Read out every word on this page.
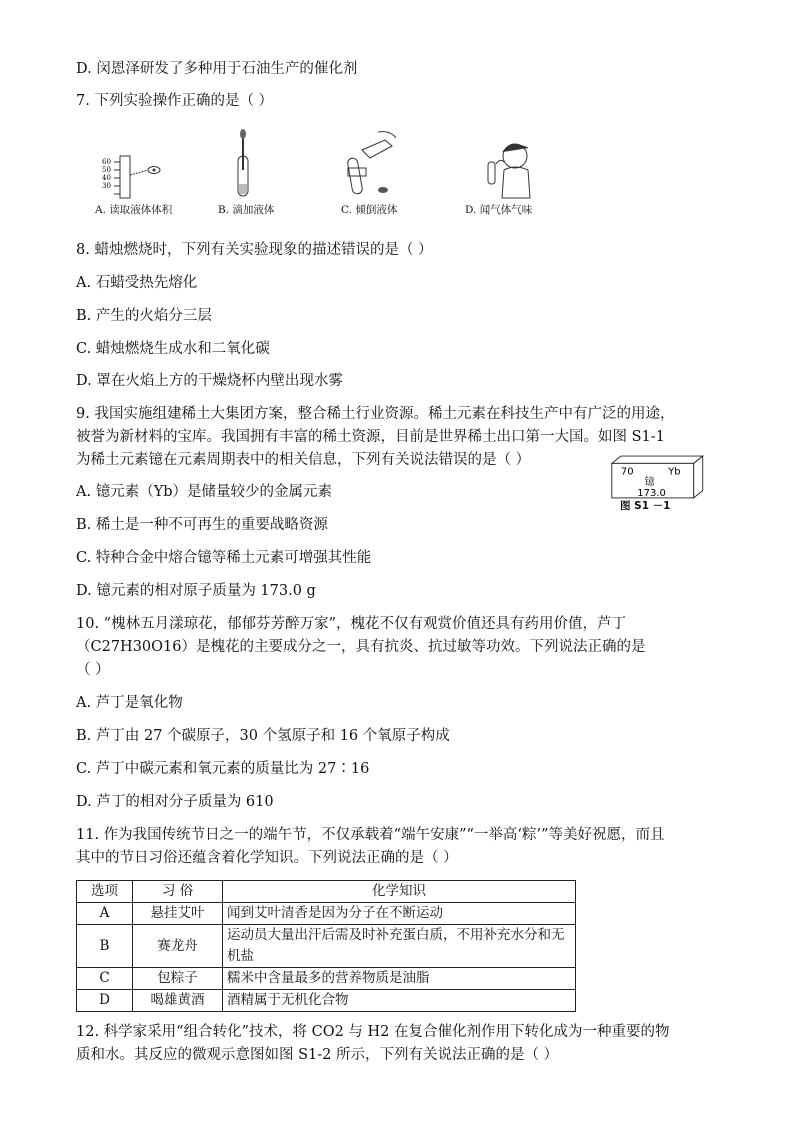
D. 闵恩泽研发了多种用于石油生产的催化剂
7. 下列实验操作正确的是（ ）
60
50
40
30
A. 读取液体体积	B. 滴加液体	C. 倾倒液体	D. 闻气体气味
8. 蜡烛燃烧时，下列有关实验现象的描述错误的是（ ）
A. 石蜡受热先熔化
B. 产生的火焰分三层
C. 蜡烛燃烧生成水和二氧化碳
D. 罩在火焰上方的干燥烧杯内壁出现水雾
9. 我国实施组建稀土大集团方案，整合稀土行业资源。稀土元素在科技生产中有广泛的用途，
被誉为新材料的宝库。我国拥有丰富的稀土资源，目前是世界稀土出口第一大国。如图 S1-1
为稀土元素镱在元素周期表中的相关信息，下列有关说法错误的是（ ）
70	Yb
镱
173.0
图 S1 －1
A. 镱元素（Yb）是储量较少的金属元素
B. 稀土是一种不可再生的重要战略资源
C. 特种合金中熔合镱等稀土元素可增强其性能
D. 镱元素的相对原子质量为 173.0 g
10. “槐林五月漾琼花，郁郁芬芳醉万家”，槐花不仅有观赏价值还具有药用价值，芦丁
（C27H30O16）是槐花的主要成分之一，具有抗炎、抗过敏等功效。下列说法正确的是
（ ）
A. 芦丁是氧化物
B. 芦丁由 27 个碳原子，30 个氢原子和 16 个氧原子构成
C. 芦丁中碳元素和氧元素的质量比为 27∶16
D. 芦丁的相对分子质量为 610
11. 作为我国传统节日之一的端午节，不仅承载着“端午安康”“一举高‘粽’”等美好祝愿，而且
其中的节日习俗还蕴含着化学知识。下列说法正确的是（ ）
选项	习 俗	化学知识
A	悬挂艾叶	闻到艾叶清香是因为分子在不断运动
B	赛龙舟	运动员大量出汗后需及时补充蛋白质，不用补充水分和无机盐
C	包粽子	糯米中含量最多的营养物质是油脂
D	喝雄黄酒	酒精属于无机化合物
12. 科学家采用“组合转化”技术，将 CO2 与 H2 在复合催化剂作用下转化成为一种重要的物
质和水。其反应的微观示意图如图 S1-2 所示，下列有关说法正确的是（ ）
